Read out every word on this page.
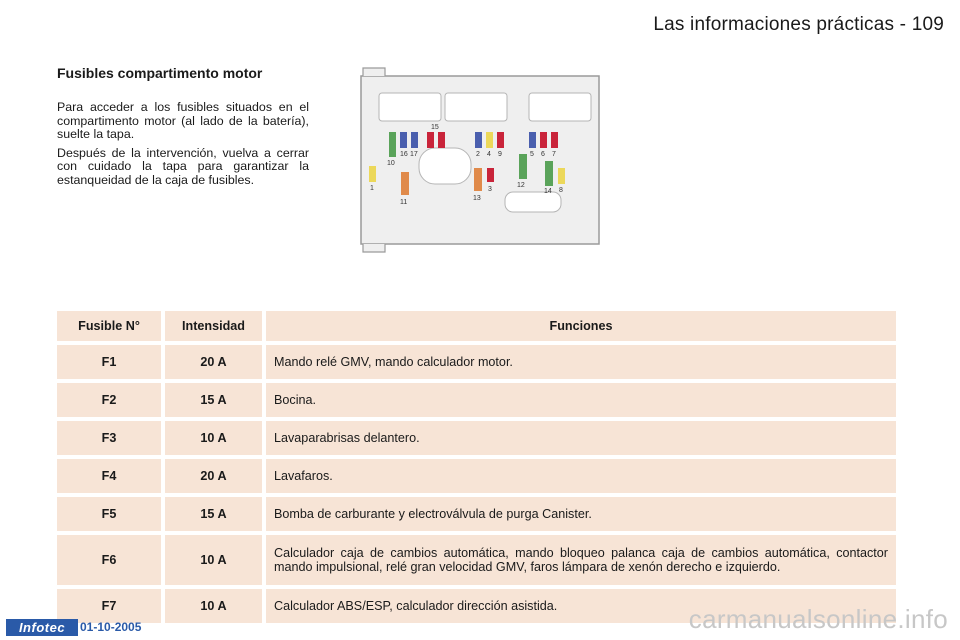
Las informaciones prácticas - 109
Fusibles compartimento motor

Para acceder a los fusibles situados en el compartimento motor (al lado de la batería), suelte la tapa.

Después de la intervención, vuelva a cerrar con cuidado la tapa para garantizar la estanqueidad de la caja de fusibles.

10
16 17
15
1
11
2 4 9
3
13
5 6 7
12
14 8
Fusible N°	Intensidad	Funciones
F1	20 A	Mando relé GMV, mando calculador motor.
F2	15 A	Bocina.
F3	10 A	Lavaparabrisas delantero.
F4	20 A	Lavafaros.
F5	15 A	Bomba de carburante y electroválvula de purga Canister.
F6	10 A	Calculador caja de cambios automática, mando bloqueo palanca caja de cambios automática, contactor mando impulsional, relé gran velocidad GMV, faros lámpara de xenón derecho e izquierdo.
F7	10 A	Calculador ABS/ESP, calculador dirección asistida.
Infotec	01-10-2005	carmanualsonline.info
